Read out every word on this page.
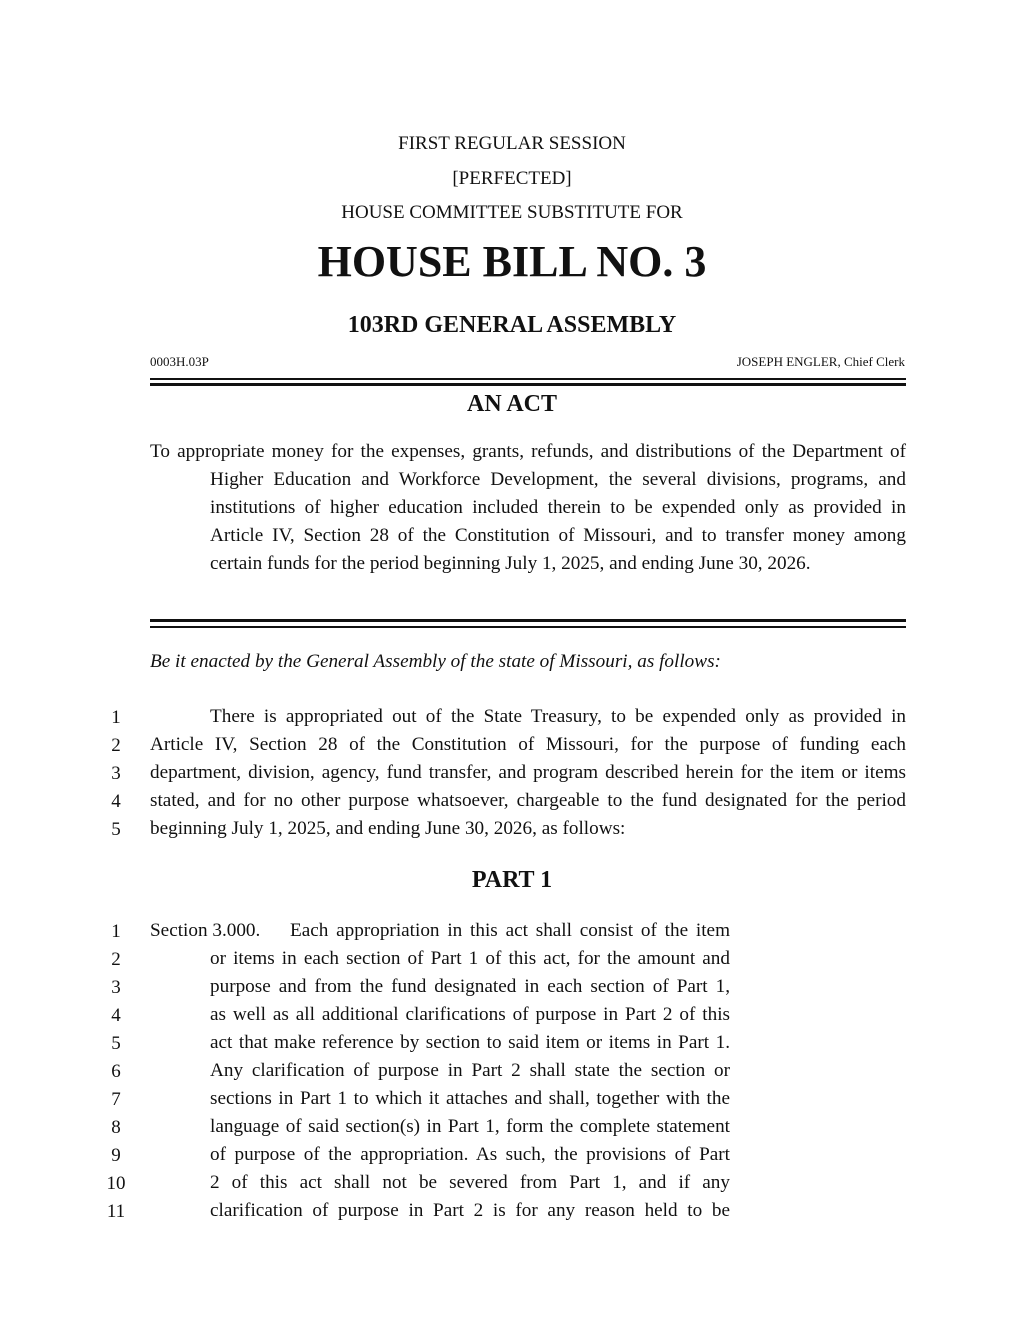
FIRST REGULAR SESSION
[PERFECTED]
HOUSE COMMITTEE SUBSTITUTE FOR
HOUSE BILL NO. 3
103RD GENERAL ASSEMBLY
0003H.03P	JOSEPH ENGLER, Chief Clerk
AN ACT
To appropriate money for the expenses, grants, refunds, and distributions of the Department of
Higher Education and Workforce Development, the several divisions, programs, and
institutions of higher education included therein to be expended only as provided in
Article IV, Section 28 of the Constitution of Missouri, and to transfer money among
certain funds for the period beginning July 1, 2025, and ending June 30, 2026.
Be it enacted by the General Assembly of the state of Missouri, as follows:
1
2
3
4
5
There is appropriated out of the State Treasury, to be expended only as provided in
Article IV, Section 28 of the Constitution of Missouri, for the purpose of funding each
department, division, agency, fund transfer, and program described herein for the item or items
stated, and for no other purpose whatsoever, chargeable to the fund designated for the period
beginning July 1, 2025, and ending June 30, 2026, as follows:
PART 1
1
2
3
4
5
6
7
8
9
10
11
Section 3.000. Each appropriation in this act shall consist of the item
or items in each section of Part 1 of this act, for the amount and
purpose and from the fund designated in each section of Part 1,
as well as all additional clarifications of purpose in Part 2 of this
act that make reference by section to said item or items in Part 1.
Any clarification of purpose in Part 2 shall state the section or
sections in Part 1 to which it attaches and shall, together with the
language of said section(s) in Part 1, form the complete statement
of purpose of the appropriation. As such, the provisions of Part
2 of this act shall not be severed from Part 1, and if any
clarification of purpose in Part 2 is for any reason held to be
